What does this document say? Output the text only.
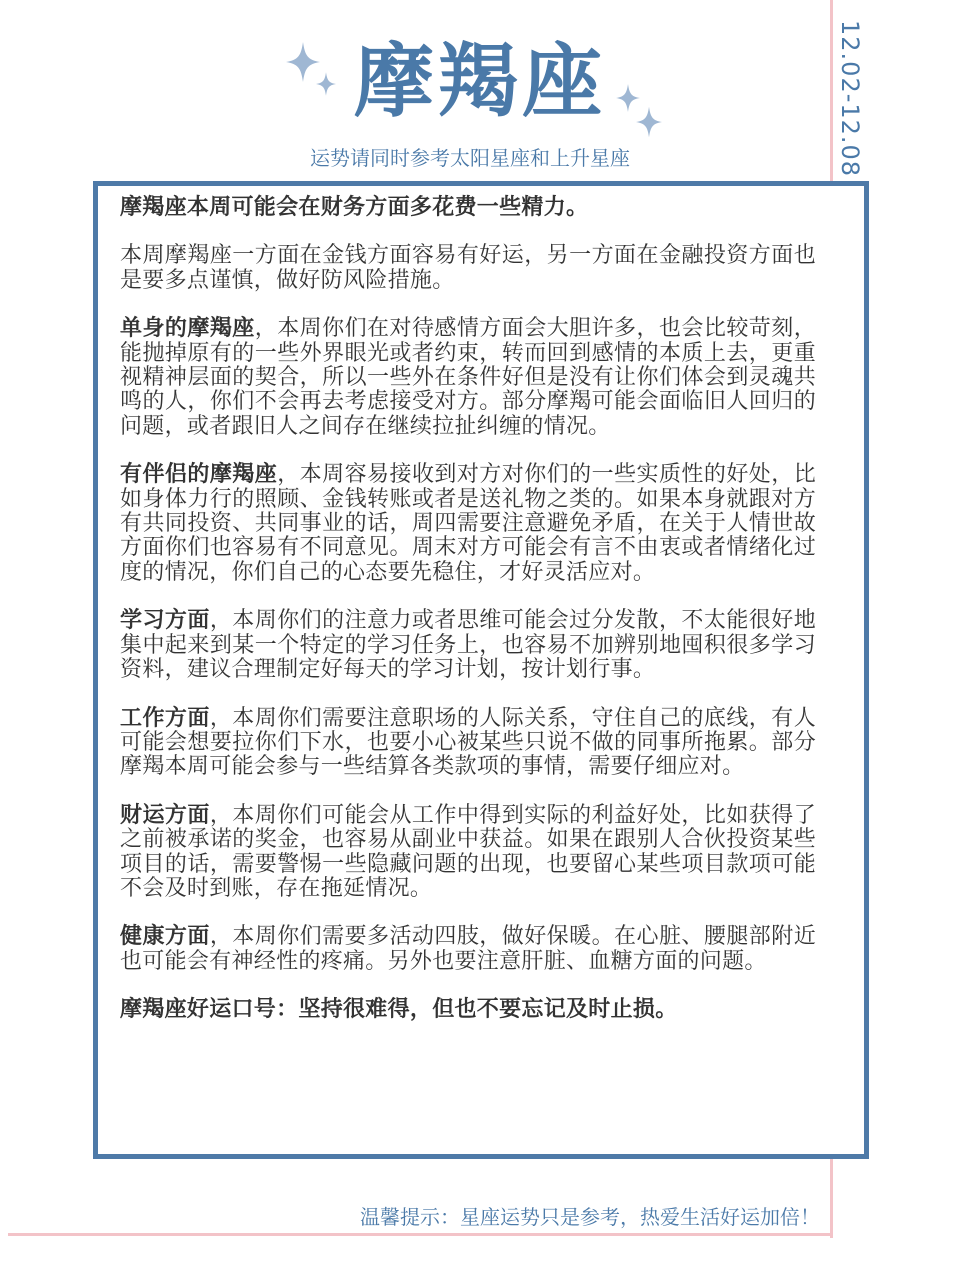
摩羯座
运势请同时参考太阳星座和上升星座	12.02-12.08

摩羯座本周可能会在财务方面多花费一些精力。

本周摩羯座一方面在金钱方面容易有好运，另一方面在金融投资方面也是要多点谨慎，做好防风险措施。

单身的摩羯座，本周你们在对待感情方面会大胆许多，也会比较苛刻，能抛掉原有的一些外界眼光或者约束，转而回到感情的本质上去，更重视精神层面的契合，所以一些外在条件好但是没有让你们体会到灵魂共鸣的人，你们不会再去考虑接受对方。部分摩羯可能会面临旧人回归的问题，或者跟旧人之间存在继续拉扯纠缠的情况。

有伴侣的摩羯座，本周容易接收到对方对你们的一些实质性的好处，比如身体力行的照顾、金钱转账或者是送礼物之类的。如果本身就跟对方有共同投资、共同事业的话，周四需要注意避免矛盾，在关于人情世故方面你们也容易有不同意见。周末对方可能会有言不由衷或者情绪化过度的情况，你们自己的心态要先稳住，才好灵活应对。

学习方面，本周你们的注意力或者思维可能会过分发散，不太能很好地集中起来到某一个特定的学习任务上，也容易不加辨别地囤积很多学习资料，建议合理制定好每天的学习计划，按计划行事。

工作方面，本周你们需要注意职场的人际关系，守住自己的底线，有人可能会想要拉你们下水，也要小心被某些只说不做的同事所拖累。部分摩羯本周可能会参与一些结算各类款项的事情，需要仔细应对。

财运方面，本周你们可能会从工作中得到实际的利益好处，比如获得了之前被承诺的奖金，也容易从副业中获益。如果在跟别人合伙投资某些项目的话，需要警惕一些隐藏问题的出现，也要留心某些项目款项可能不会及时到账，存在拖延情况。

健康方面，本周你们需要多活动四肢，做好保暖。在心脏、腰腿部附近也可能会有神经性的疼痛。另外也要注意肝脏、血糖方面的问题。

摩羯座好运口号：坚持很难得，但也不要忘记及时止损。

温馨提示：星座运势只是参考，热爱生活好运加倍！
